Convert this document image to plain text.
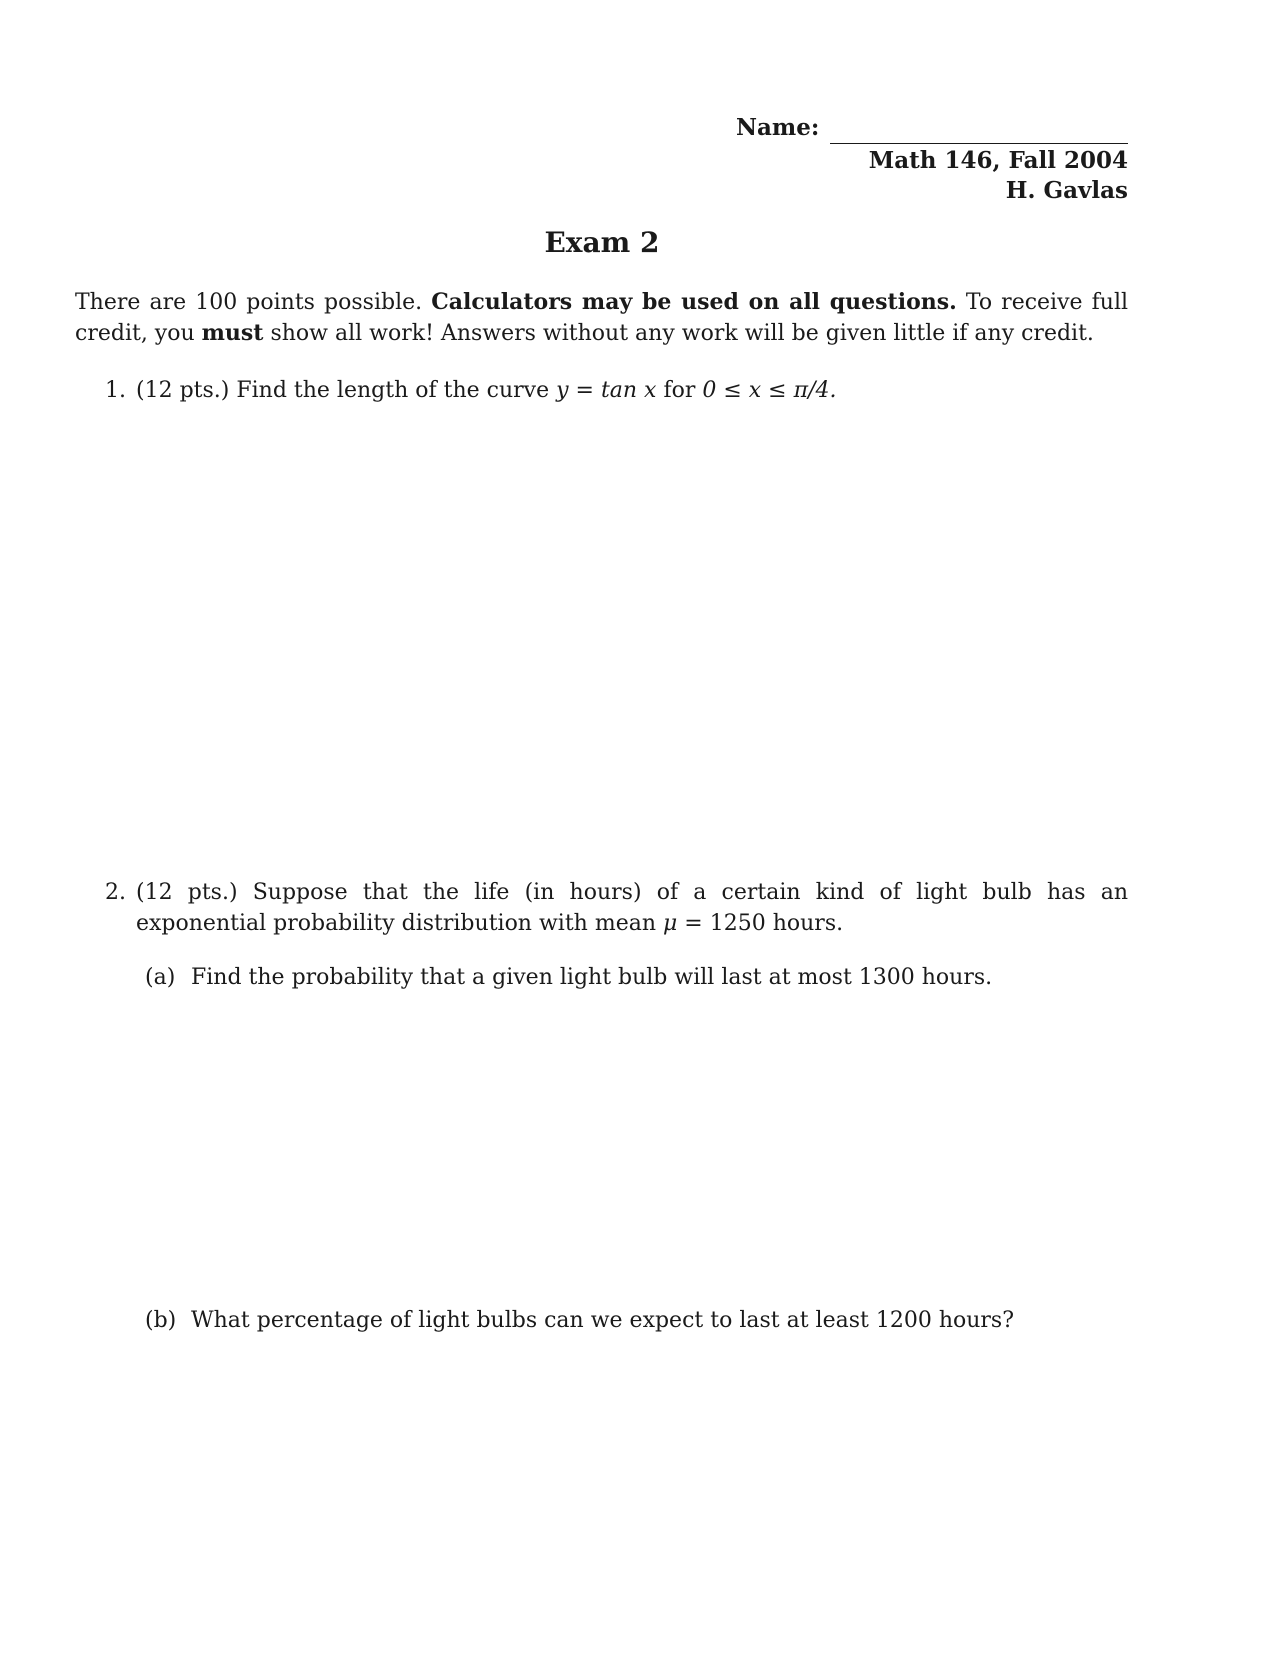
Name:
Math 146, Fall 2004
H. Gavlas
Exam 2
There are 100 points possible. Calculators may be used on all questions. To receive full credit, you must show all work! Answers without any work will be given little if any credit.
1. (12 pts.) Find the length of the curve y = tan x for 0 ≤ x ≤ π/4.
2. (12 pts.) Suppose that the life (in hours) of a certain kind of light bulb has an exponential probability distribution with mean μ = 1250 hours.
(a) Find the probability that a given light bulb will last at most 1300 hours.
(b) What percentage of light bulbs can we expect to last at least 1200 hours?
